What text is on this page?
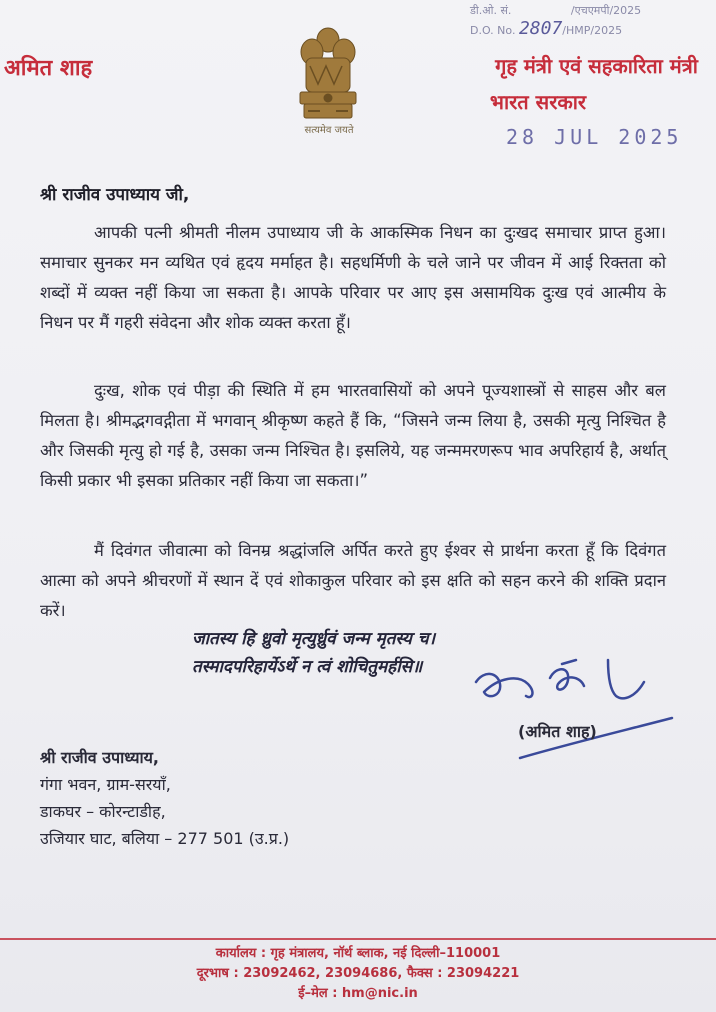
अमित शाह
सत्यमेव जयते
डी.ओ. सं.	/एचएमपी/2025
D.O. No. 2807/HMP/2025
गृह मंत्री एवं सहकारिता मंत्री
भारत सरकार
28 JUL 2025
श्री राजीव उपाध्याय जी,
आपकी पत्नी श्रीमती नीलम उपाध्याय जी के आकस्मिक निधन का दुःखद समाचार प्राप्त हुआ। समाचार सुनकर मन व्यथित एवं हृदय मर्माहत है। सहधर्मिणी के चले जाने पर जीवन में आई रिक्तता को शब्दों में व्यक्त नहीं किया जा सकता है। आपके परिवार पर आए इस असामयिक दुःख एवं आत्मीय के निधन पर मैं गहरी संवेदना और शोक व्यक्त करता हूँ।
दुःख, शोक एवं पीड़ा की स्थिति में हम भारतवासियों को अपने पूज्यशास्त्रों से साहस और बल मिलता है। श्रीमद्भगवद्गीता में भगवान् श्रीकृष्ण कहते हैं कि, “जिसने जन्म लिया है, उसकी मृत्यु निश्चित है और जिसकी मृत्यु हो गई है, उसका जन्म निश्चित है। इसलिये, यह जन्ममरणरूप भाव अपरिहार्य है, अर्थात् किसी प्रकार भी इसका प्रतिकार नहीं किया जा सकता।”
मैं दिवंगत जीवात्मा को विनम्र श्रद्धांजलि अर्पित करते हुए ईश्वर से प्रार्थना करता हूँ कि दिवंगत आत्मा को अपने श्रीचरणों में स्थान दें एवं शोकाकुल परिवार को इस क्षति को सहन करने की शक्ति प्रदान करें।
जातस्य हि ध्रुवो मृत्युर्ध्रुवं जन्म मृतस्य च।
तस्मादपरिहार्येऽर्थे न त्वं शोचितुमर्हसि॥
(अमित शाह)
श्री राजीव उपाध्याय,
गंगा भवन, ग्राम-सरयाँ,
डाकघर – कोरन्टाडीह,
उजियार घाट, बलिया – 277 501 (उ.प्र.)
कार्यालय : गृह मंत्रालय, नॉर्थ ब्लाक, नई दिल्ली–110001
दूरभाष : 23092462, 23094686, फैक्स : 23094221
ई–मेल : hm@nic.in
